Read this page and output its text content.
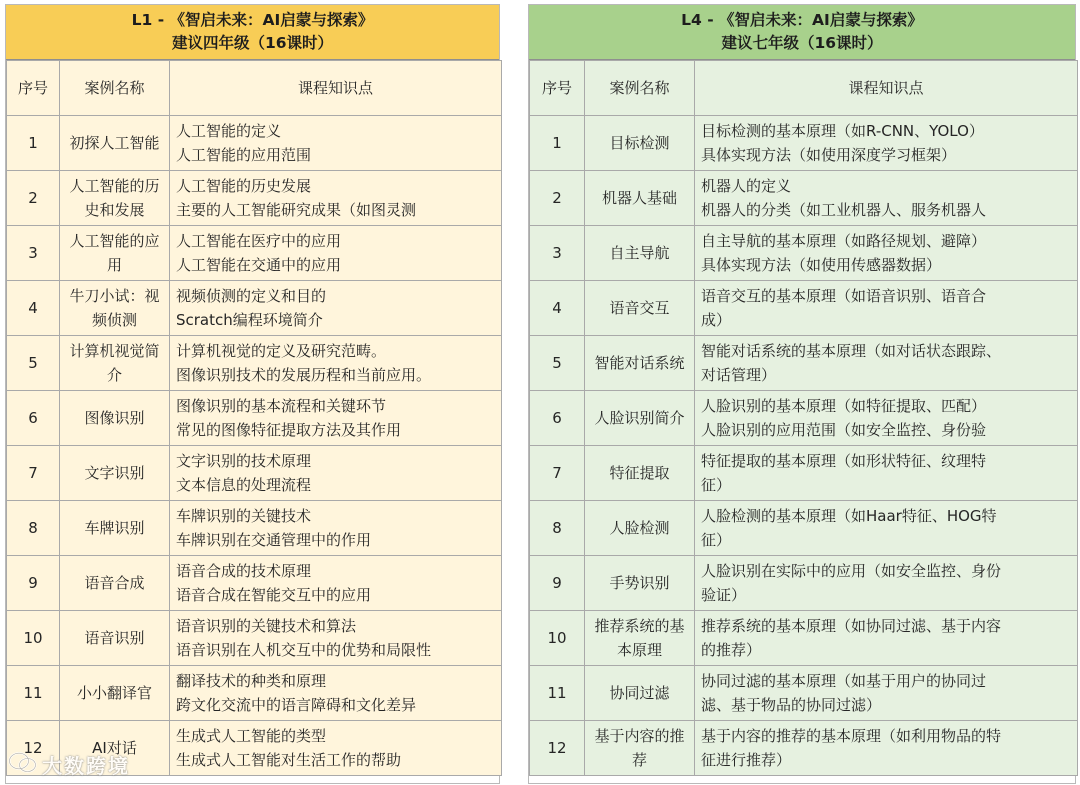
L1 - 《智启未来：AI启蒙与探索》
建议四年级（16课时）
序号	案例名称	课程知识点
1	初探人工智能	人工智能的定义
人工智能的应用范围

2	人工智能的历史和发展	人工智能的历史发展
主要的人工智能研究成果（如图灵测

3	人工智能的应用	人工智能在医疗中的应用
人工智能在交通中的应用

4	牛刀小试：视频侦测	视频侦测的定义和目的
Scratch编程环境简介

5	计算机视觉简介	计算机视觉的定义及研究范畴。
图像识别技术的发展历程和当前应用。

6	图像识别	图像识别的基本流程和关键环节
常见的图像特征提取方法及其作用

7	文字识别	文字识别的技术原理
文本信息的处理流程

8	车牌识别	车牌识别的关键技术
车牌识别在交通管理中的作用

9	语音合成	语音合成的技术原理
语音合成在智能交互中的应用

10	语音识别	语音识别的关键技术和算法
语音识别在人机交互中的优势和局限性

11	小小翻译官	翻译技术的种类和原理
跨文化交流中的语言障碍和文化差异

12	AI对话	生成式人工智能的类型
生成式人工智能对生活工作的帮助
L4 - 《智启未来：AI启蒙与探索》
建议七年级（16课时）
序号	案例名称	课程知识点
1	目标检测	目标检测的基本原理（如R-CNN、YOLO）
具体实现方法（如使用深度学习框架）

2	机器人基础	机器人的定义
机器人的分类（如工业机器人、服务机器人

3	自主导航	自主导航的基本原理（如路径规划、避障）
具体实现方法（如使用传感器数据）

4	语音交互	语音交互的基本原理（如语音识别、语音合
成）

5	智能对话系统	智能对话系统的基本原理（如对话状态跟踪、
对话管理）

6	人脸识别简介	人脸识别的基本原理（如特征提取、匹配）
人脸识别的应用范围（如安全监控、身份验

7	特征提取	特征提取的基本原理（如形状特征、纹理特
征）

8	人脸检测	人脸检测的基本原理（如Haar特征、HOG特
征）

9	手势识别	人脸识别在实际中的应用（如安全监控、身份
验证）

10	推荐系统的基本原理	推荐系统的基本原理（如协同过滤、基于内容
的推荐）

11	协同过滤	协同过滤的基本原理（如基于用户的协同过
滤、基于物品的协同过滤）

12	基于内容的推荐	基于内容的推荐的基本原理（如利用物品的特
征进行推荐）
大数跨境
